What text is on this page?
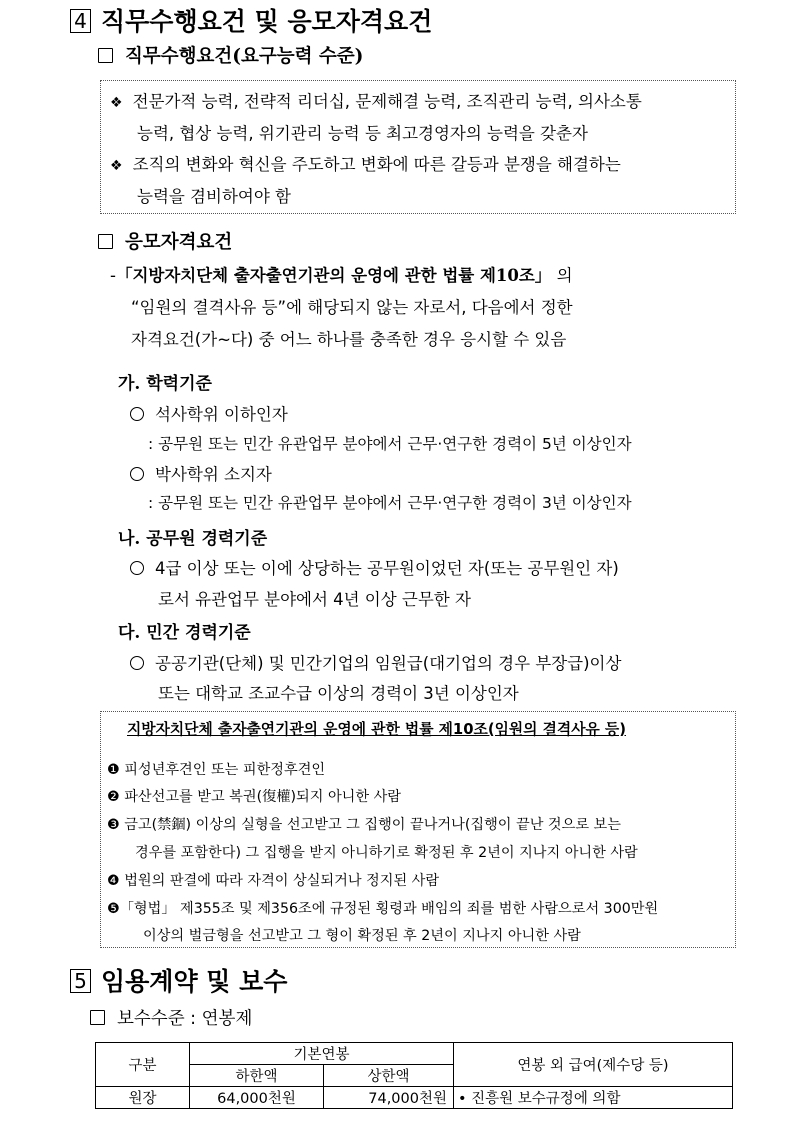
4 직무수행요건 및 응모자격요건
직무수행요건(요구능력 수준)
❖ 전문가적 능력, 전략적 리더십, 문제해결 능력, 조직관리 능력, 의사소통
능력, 협상 능력, 위기관리 능력 등 최고경영자의 능력을 갖춘자
❖ 조직의 변화와 혁신을 주도하고 변화에 따른 갈등과 분쟁을 해결하는
능력을 겸비하여야 함
응모자격요건
-「지방자치단체 출자출연기관의 운영에 관한 법률 제10조」 의
“임원의 결격사유 등”에 해당되지 않는 자로서, 다음에서 정한
자격요건(가~다) 중 어느 하나를 충족한 경우 응시할 수 있음
가. 학력기준
석사학위 이하인자
: 공무원 또는 민간 유관업무 분야에서 근무·연구한 경력이 5년 이상인자
박사학위 소지자
: 공무원 또는 민간 유관업무 분야에서 근무·연구한 경력이 3년 이상인자
나. 공무원 경력기준
4급 이상 또는 이에 상당하는 공무원이었던 자(또는 공무원인 자)
로서 유관업무 분야에서 4년 이상 근무한 자
다. 민간 경력기준
공공기관(단체) 및 민간기업의 임원급(대기업의 경우 부장급)이상
또는 대학교 조교수급 이상의 경력이 3년 이상인자
지방자치단체 출자출연기관의 운영에 관한 법률 제10조(임원의 결격사유 등)
❶ 피성년후견인 또는 피한정후견인
❷ 파산선고를 받고 복권(復權)되지 아니한 사람
❸ 금고(禁錮) 이상의 실형을 선고받고 그 집행이 끝나거나(집행이 끝난 것으로 보는
경우를 포함한다) 그 집행을 받지 아니하기로 확정된 후 2년이 지나지 아니한 사람
❹ 법원의 판결에 따라 자격이 상실되거나 정지된 사람
❺「형법」 제355조 및 제356조에 규정된 횡령과 배임의 죄를 범한 사람으로서 300만원
이상의 벌금형을 선고받고 그 형이 확정된 후 2년이 지나지 아니한 사람
5 임용계약 및 보수
보수수준 : 연봉제
구분	기본연봉		연봉 외 급여(제수당 등)
	하한액	상한액	
원장	64,000천원	74,000천원	• 진흥원 보수규정에 의함
